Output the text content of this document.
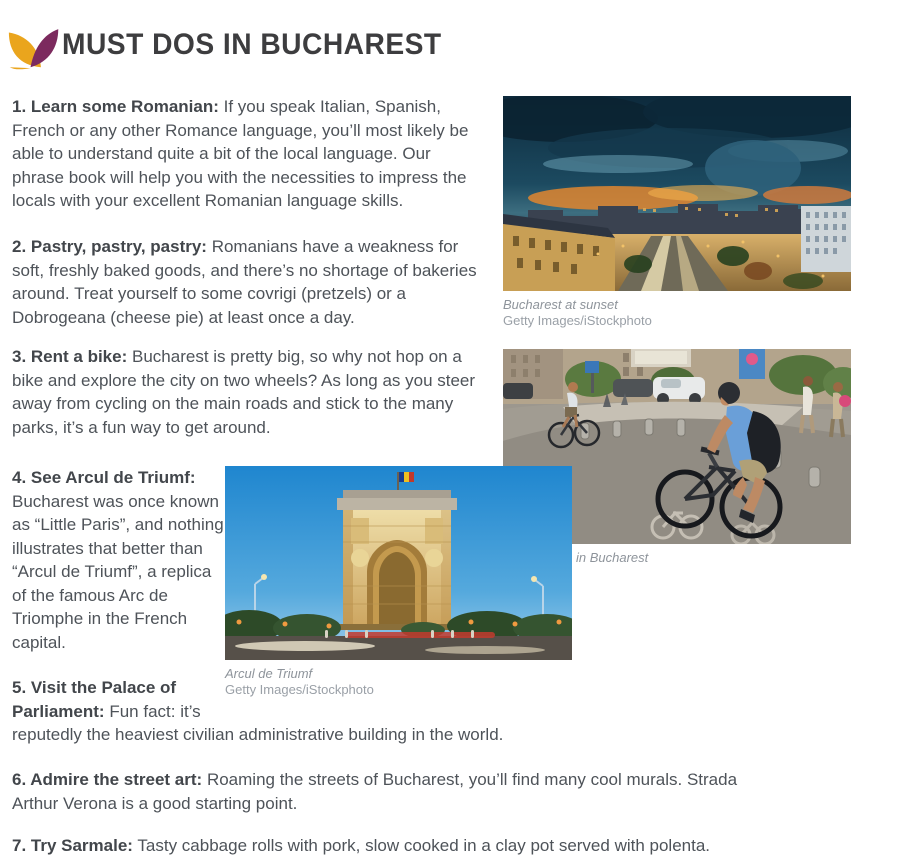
MUST DOS IN BUCHAREST

1. Learn some Romanian: If you speak Italian, Spanish, French or any other Romance language, you’ll most likely be able to understand quite a bit of the local language. Our phrase book will help you with the necessities to impress the locals with your excellent Romanian language skills.

2. Pastry, pastry, pastry: Romanians have a weakness for soft, freshly baked goods, and there’s no shortage of bakeries around. Treat yourself to some covrigi (pretzels) or a Dobrogeana (cheese pie) at least once a day.

3. Rent a bike: Bucharest is pretty big, so why not hop on a bike and explore the city on two wheels? As long as you steer away from cycling on the main roads and stick to the many parks, it’s a fun way to get around.

4. See Arcul de Triumf: Bucharest was once known as “Little Paris”, and nothing illustrates that better than “Arcul de Triumf”, a replica of the famous Arc de Triomphe in the French capital.

5. Visit the Palace of Parliament: Fun fact: it’s reputedly the heaviest civilian administrative building in the world.

6. Admire the street art: Roaming the streets of Bucharest, you’ll find many cool murals. Strada Arthur Verona is a good starting point.

7. Try Sarmale: Tasty cabbage rolls with pork, slow cooked in a clay pot served with polenta.

Bucharest at sunset
Getty Images/iStockphoto
in Bucharest
Arcul de Triumf
Getty Images/iStockphoto
